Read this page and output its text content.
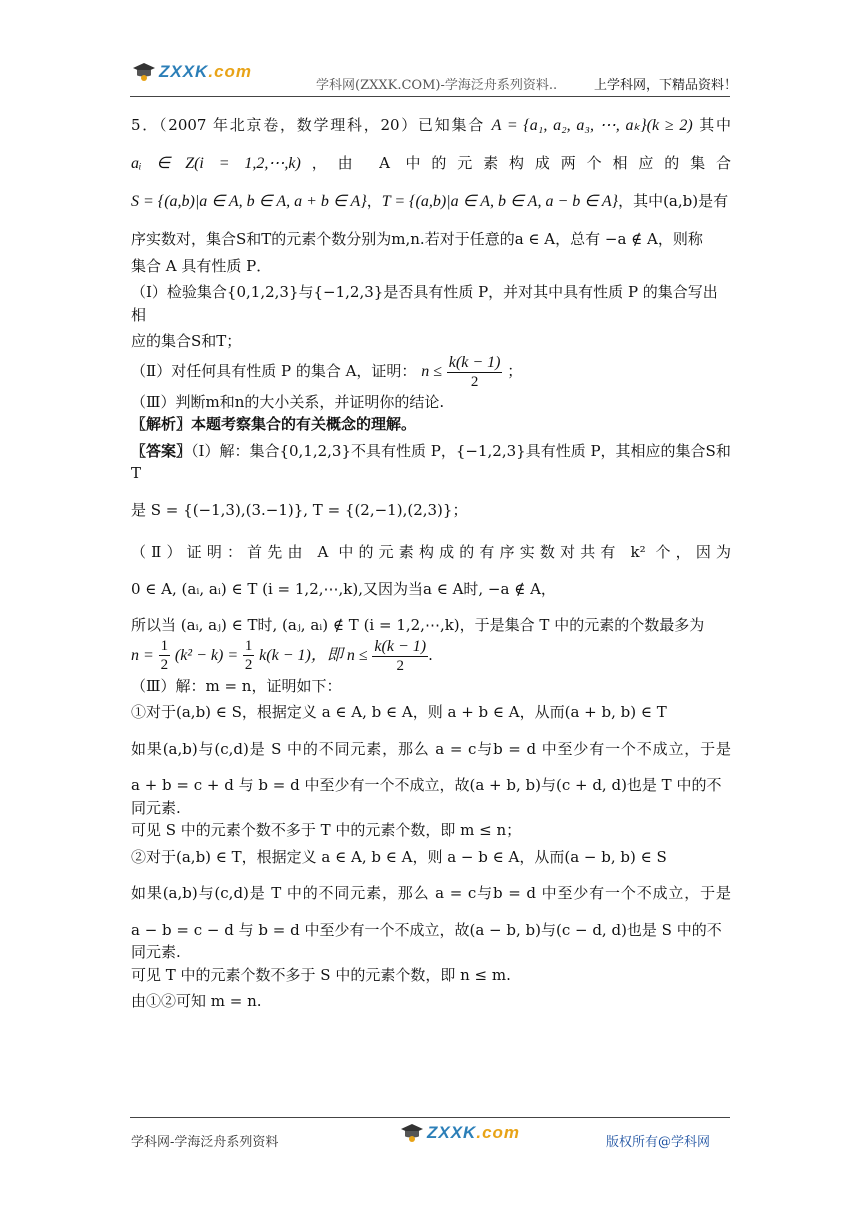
ZXXK.com
学科网(ZXXK.COM)-学海泛舟系列资料..	上学科网，下精品资料！

5．（2007 年北京卷，数学理科，20）已知集合 A = {a₁, a₂, a₃, ⋯, aₖ}(k ≥ 2) 其中

aᵢ ∈ Z(i = 1,2,⋯,k)，由 A 中的元素构成两个相应的集合

S = {(a,b)|a ∈ A, b ∈ A, a + b ∈ A}，T = {(a,b)|a ∈ A, b ∈ A, a − b ∈ A}，其中(a,b)是有

序实数对，集合S和T的元素个数分别为m,n.若对于任意的a ∈ A，总有 −a ∉ A，则称

集合 A 具有性质 P．

（Ⅰ）检验集合{0,1,2,3}与{−1,2,3}是否具有性质 P，并对其中具有性质 P 的集合写出相

应的集合S和T；

（Ⅱ）对任何具有性质 P 的集合 A，证明： $n \le \frac{k(k - 1)}{2}$ ；

（Ⅲ）判断m和n的大小关系，并证明你的结论.

〖解析〗本题考察集合的有关概念的理解。

〖答案〗（Ⅰ）解：集合{0,1,2,3}不具有性质 P，{−1,2,3}具有性质 P，其相应的集合S和T

是 S = {(−1,3),(3.−1)}, T = {(2,−1),(2,3)}；

（Ⅱ）证明：首先由 A 中的元素构成的有序实数对共有 k² 个，因为

0 ∈ A, (aᵢ, aᵢ) ∈ T (i = 1,2,⋯,k),又因为当a ∈ A时, −a ∉ A，

所以当 (aᵢ, aⱼ) ∈ T时, (aⱼ, aᵢ) ∉ T (i = 1,2,⋯,k)，于是集合 T 中的元素的个数最多为

$n = \frac{1}{2} (k^2 - k) = \frac{1}{2} k(k - 1)$，即 $n \le \frac{k(k - 1)}{2}$ .

（Ⅲ）解：m = n，证明如下：

①对于(a,b) ∈ S，根据定义 a ∈ A, b ∈ A，则 a + b ∈ A，从而(a + b, b) ∈ T

如果(a,b)与(c,d)是 S 中的不同元素，那么 a = c与b = d 中至少有一个不成立，于是

a + b = c + d 与 b = d 中至少有一个不成立，故(a + b, b)与(c + d, d)也是 T 中的不同元素.

可见 S 中的元素个数不多于 T 中的元素个数，即 m ≤ n；

②对于(a,b) ∈ T，根据定义 a ∈ A, b ∈ A，则 a − b ∈ A，从而(a − b, b) ∈ S

如果(a,b)与(c,d)是 T 中的不同元素，那么 a = c与b = d 中至少有一个不成立，于是

a − b = c − d 与 b = d 中至少有一个不成立，故(a − b, b)与(c − d, d)也是 S 中的不同元素.

可见 T 中的元素个数不多于 S 中的元素个数，即 n ≤ m.

由①②可知 m = n.

学科网-学海泛舟系列资料
ZXXK.com
版权所有@学科网
